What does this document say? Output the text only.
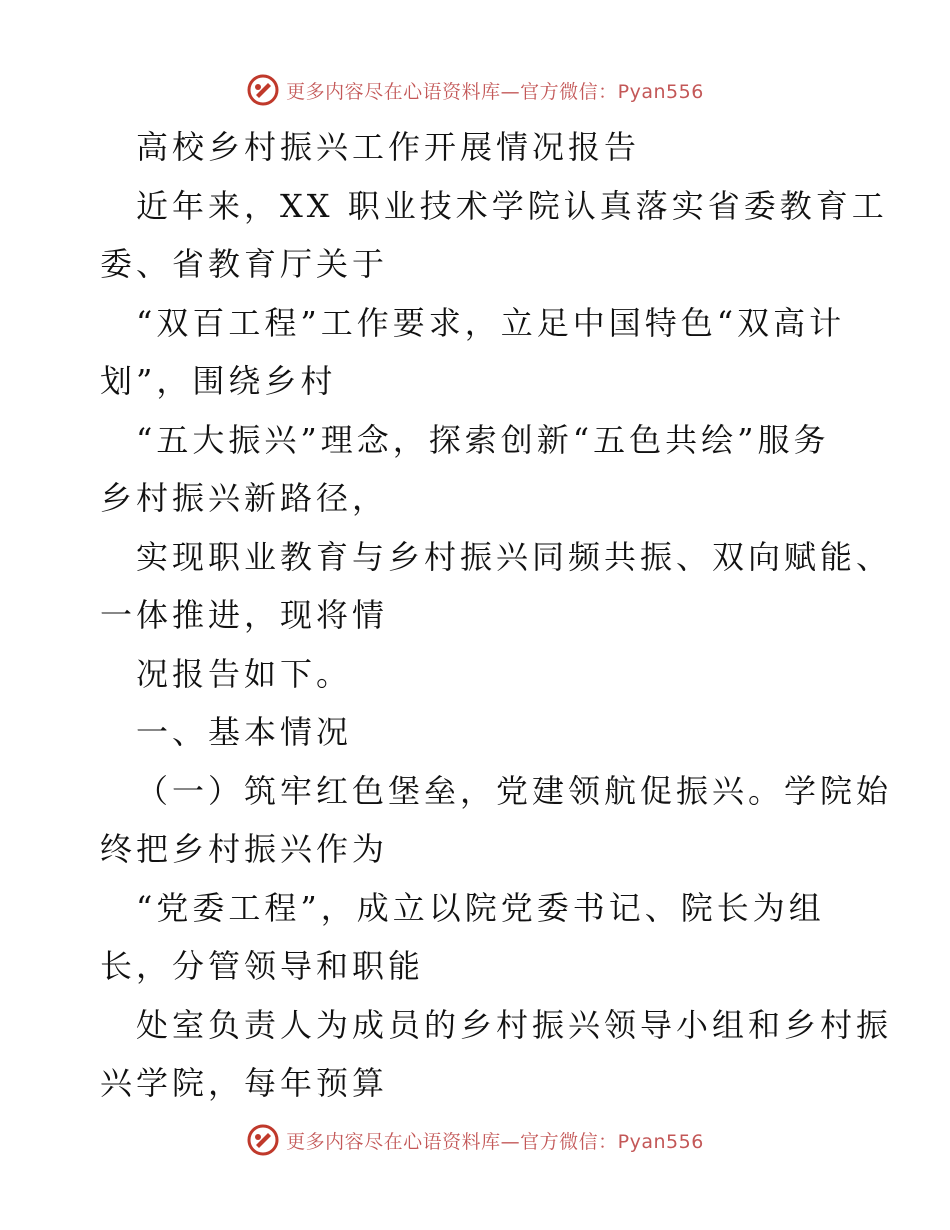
更多内容尽在心语资料库—官方微信：Pyan556
高校乡村振兴工作开展情况报告
近年来，XX 职业技术学院认真落实省委教育工
委、省教育厅关于
“双百工程”工作要求，立足中国特色“双高计
划”，围绕乡村
“五大振兴”理念，探索创新“五色共绘”服务
乡村振兴新路径，
实现职业教育与乡村振兴同频共振、双向赋能、
一体推进，现将情
况报告如下。
一、基本情况
（一）筑牢红色堡垒，党建领航促振兴。学院始
终把乡村振兴作为
“党委工程”，成立以院党委书记、院长为组
长，分管领导和职能
处室负责人为成员的乡村振兴领导小组和乡村振
兴学院，每年预算
更多内容尽在心语资料库—官方微信：Pyan556
